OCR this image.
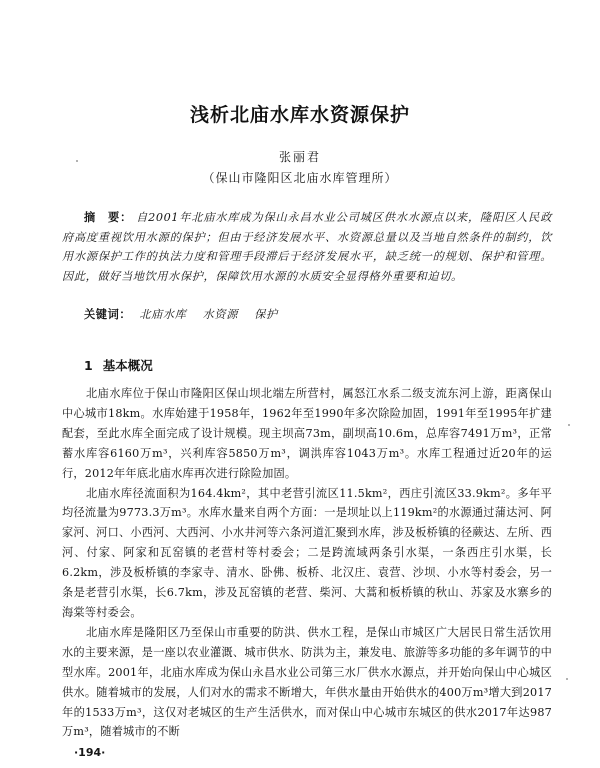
浅析北庙水库水资源保护
张丽君
（保山市隆阳区北庙水库管理所）
摘　要： 自2001年北庙水库成为保山永昌水业公司城区供水水源点以来，隆阳区人民政府高度重视饮用水源的保护；但由于经济发展水平、水资源总量以及当地自然条件的制约，饮用水源保护工作的执法力度和管理手段滞后于经济发展水平，缺乏统一的规划、保护和管理。因此，做好当地饮用水保护，保障饮用水源的水质安全显得格外重要和迫切。
关键词： 北庙水库 水资源 保护
1 基本概况

北庙水库位于保山市隆阳区保山坝北端左所营村，属怒江水系二级支流东河上游，距离保山中心城市18km。水库始建于1958年，1962年至1990年多次除险加固，1991年至1995年扩建配套，至此水库全面完成了设计规模。现主坝高73m，副坝高10.6m，总库容7491万m³，正常蓄水库容6160万m³，兴利库容5850万m³，调洪库容1043万m³。水库工程通过近20年的运行，2012年年底北庙水库再次进行除险加固。

北庙水库径流面积为164.4km²，其中老营引流区11.5km²，西庄引流区33.9km²。多年平均径流量为9773.3万m³。水库水量来自两个方面：一是坝址以上119km²的水源通过蒲达河、阿家河、河口、小西河、大西河、小水井河等六条河道汇聚到水库，涉及板桥镇的径蕨达、左所、西河、付家、阿家和瓦窑镇的老营村等村委会；二是跨流域两条引水渠，一条西庄引水渠，长6.2km，涉及板桥镇的李家寺、清水、卧佛、板桥、北汉庄、袁营、沙坝、小水等村委会，另一条是老营引水渠，长6.7km，涉及瓦窑镇的老营、柴河、大蒿和板桥镇的秋山、苏家及水寨乡的海棠等村委会。

北庙水库是隆阳区乃至保山市重要的防洪、供水工程，是保山市城区广大居民日常生活饮用水的主要来源，是一座以农业灌溉、城市供水、防洪为主，兼发电、旅游等多功能的多年调节的中型水库。2001年，北庙水库成为保山永昌水业公司第三水厂供水水源点，并开始向保山中心城区供水。随着城市的发展，人们对水的需求不断增大，年供水量由开始供水的400万m³增大到2017年的1533万m³，这仅对老城区的生产生活供水，而对保山中心城市东城区的供水2017年达987万m³，随着城市的不断

·194·
